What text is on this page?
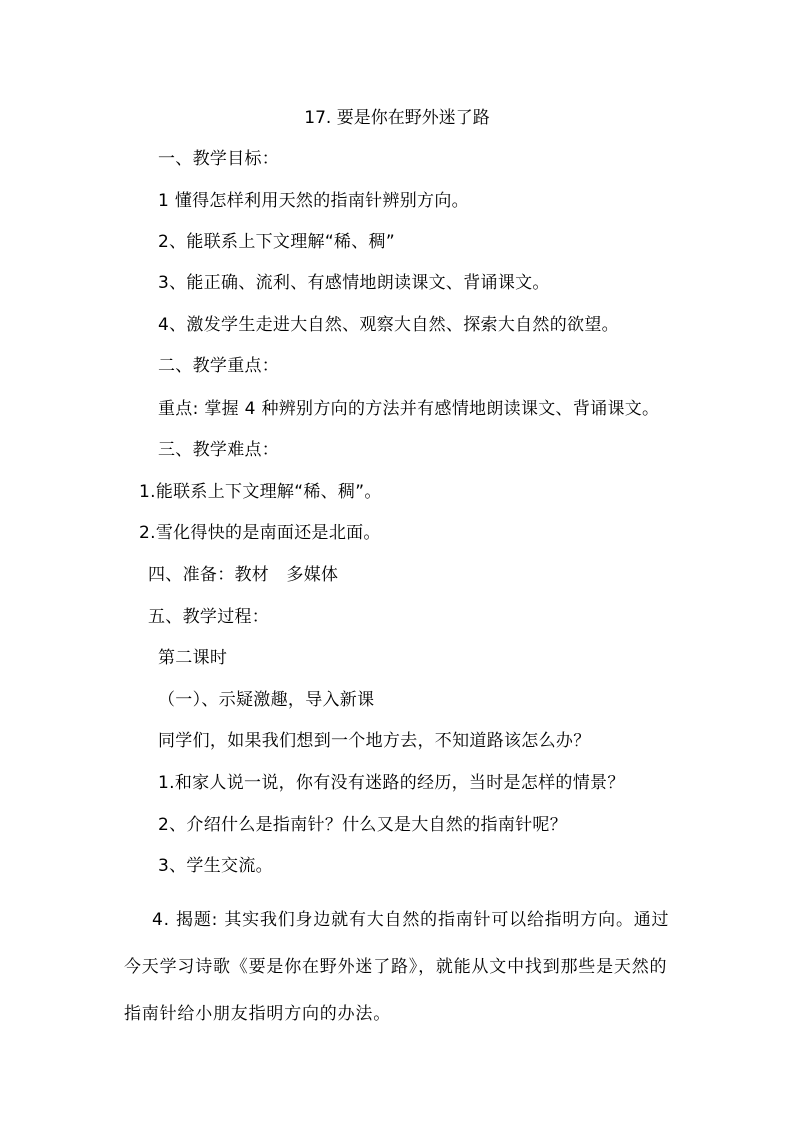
17. 要是你在野外迷了路
一、教学目标：
1 懂得怎样利用天然的指南针辨别方向。
2、能联系上下文理解“稀、稠”
3、能正确、流利、有感情地朗读课文、背诵课文。
4、激发学生走进大自然、观察大自然、探索大自然的欲望。
二、教学重点：
重点: 掌握 4 种辨别方向的方法并有感情地朗读课文、背诵课文。
三、教学难点：
1.能联系上下文理解“稀、稠”。
2.雪化得快的是南面还是北面。
四、准备：教材　多媒体
五、教学过程：
第二课时
（一）、示疑激趣，导入新课
同学们，如果我们想到一个地方去，不知道路该怎么办？
1.和家人说一说，你有没有迷路的经历，当时是怎样的情景？
2、介绍什么是指南针？什么又是大自然的指南针呢？
3、学生交流。
4. 揭题: 其实我们身边就有大自然的指南针可以给指明方向。通过今天学习诗歌《要是你在野外迷了路》，就能从文中找到那些是天然的指南针给小朋友指明方向的办法。
